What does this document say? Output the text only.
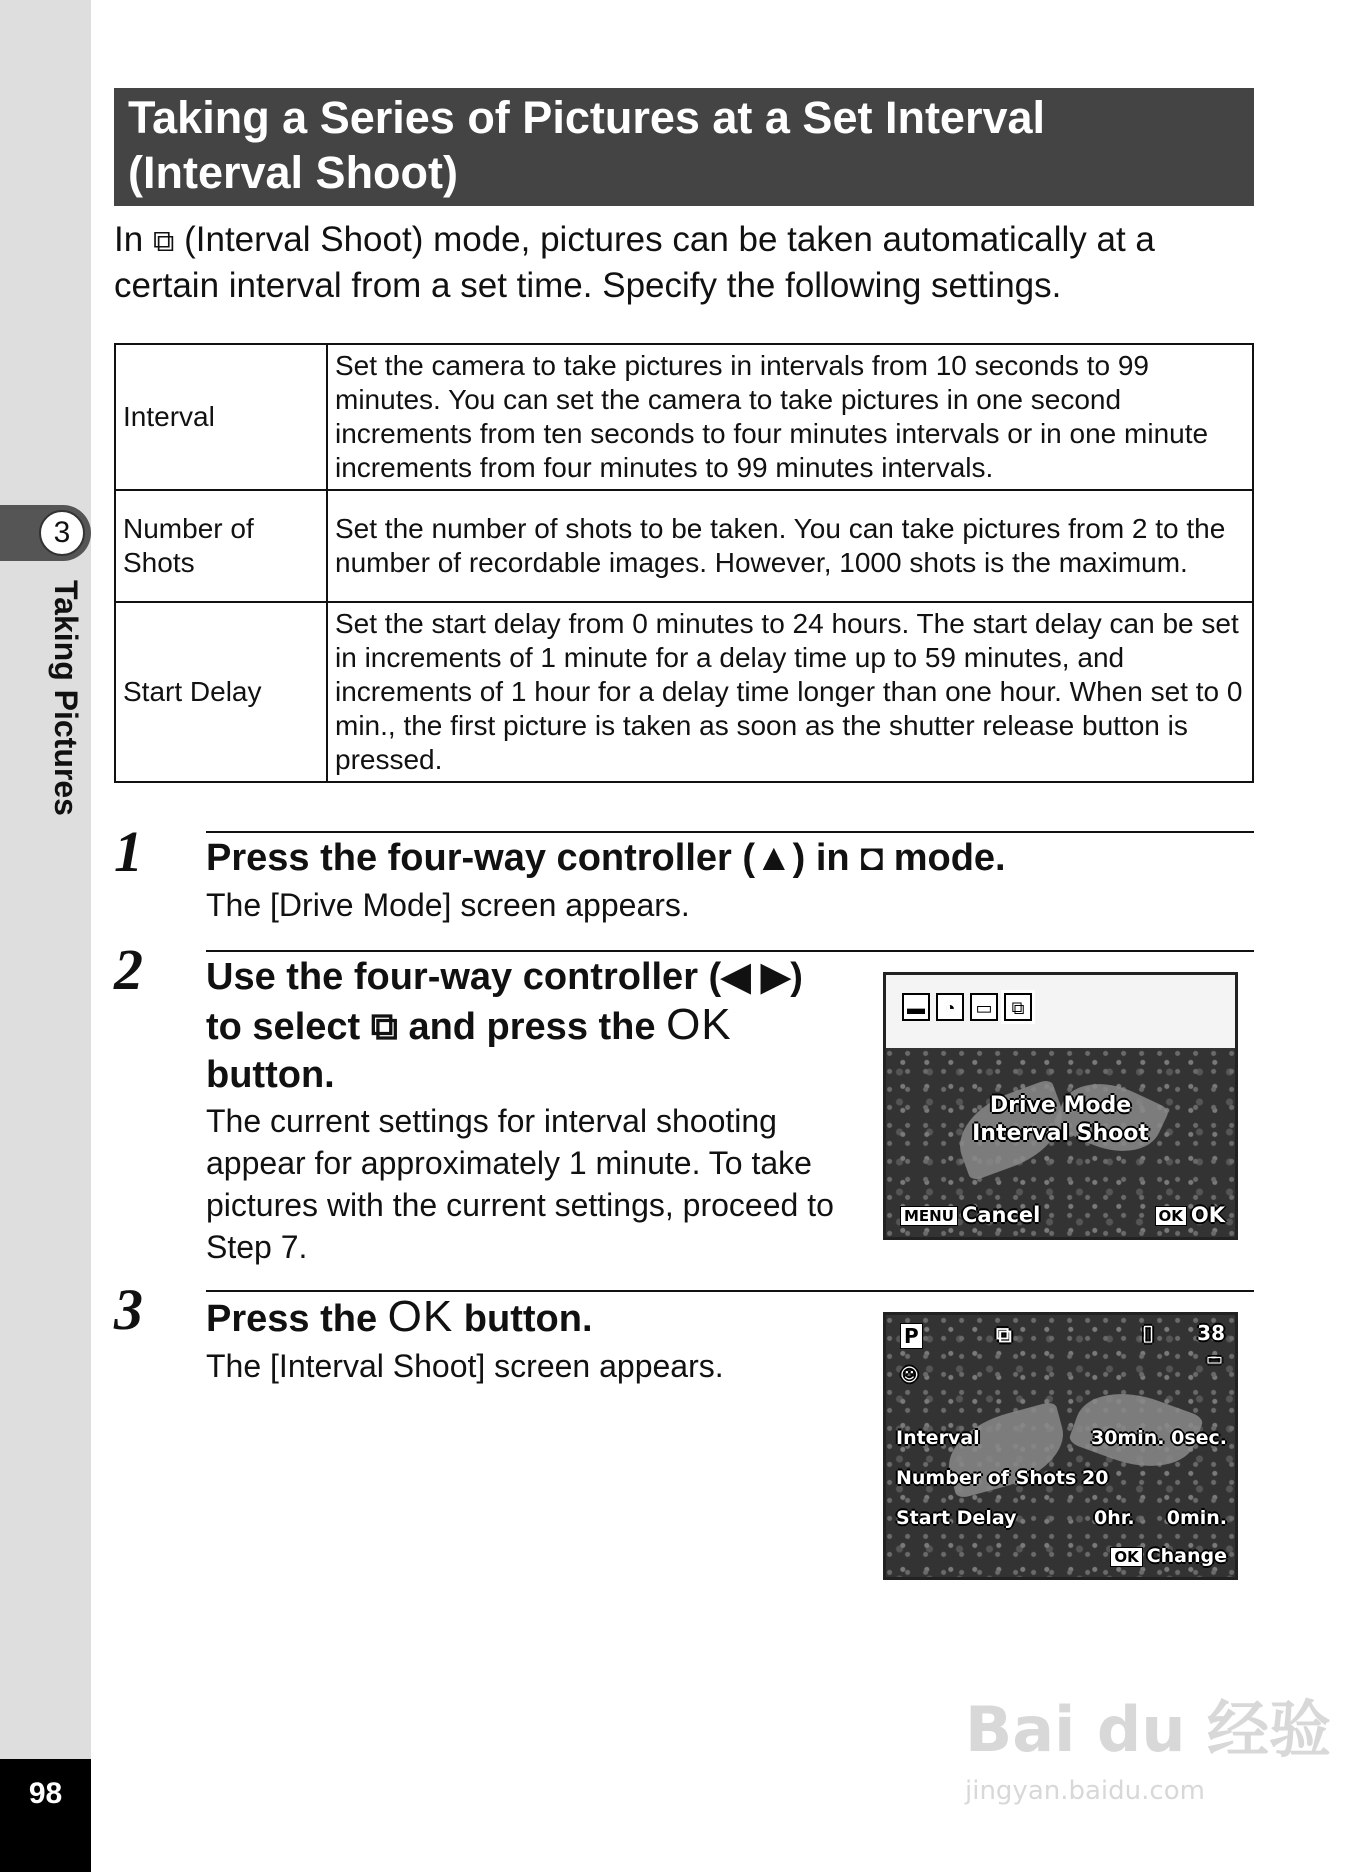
3
Taking Pictures
98
Taking a Series of Pictures at a Set Interval
(Interval Shoot)
In ⧉ (Interval Shoot) mode, pictures can be taken automatically at a certain interval from a set time. Specify the following settings.
Interval	Set the camera to take pictures in intervals from 10 seconds to 99 minutes. You can set the camera to take pictures in one second increments from ten seconds to four minutes intervals or in one minute increments from four minutes to 99 minutes intervals.
Number of Shots	Set the number of shots to be taken. You can take pictures from 2 to the number of recordable images. However, 1000 shots is the maximum.
Start Delay	Set the start delay from 0 minutes to 24 hours. The start delay can be set in increments of 1 minute for a delay time up to 59 minutes, and increments of 1 hour for a delay time longer than one hour. When set to 0 min., the first picture is taken as soon as the shutter release button is pressed.
1 Press the four-way controller (▲) in ◘ mode.
The [Drive Mode] screen appears.
2 Use the four-way controller (◀ ▶)
to select ⧉ and press the OK
button.
The current settings for interval shooting appear for approximately 1 minute. To take pictures with the current settings, proceed to Step 7.
▬	◔	▭	⧉
Drive Mode
Interval Shoot
MENU Cancel	OK OK
3 Press the OK button.
The [Interval Shoot] screen appears.
P	⧉	▯ 38
▭
☺
Interval	30min. 0sec.
Number of Shots 20
Start Delay	0hr. 0min.
OK Change
Bai du 经验
jingyan.baidu.com
